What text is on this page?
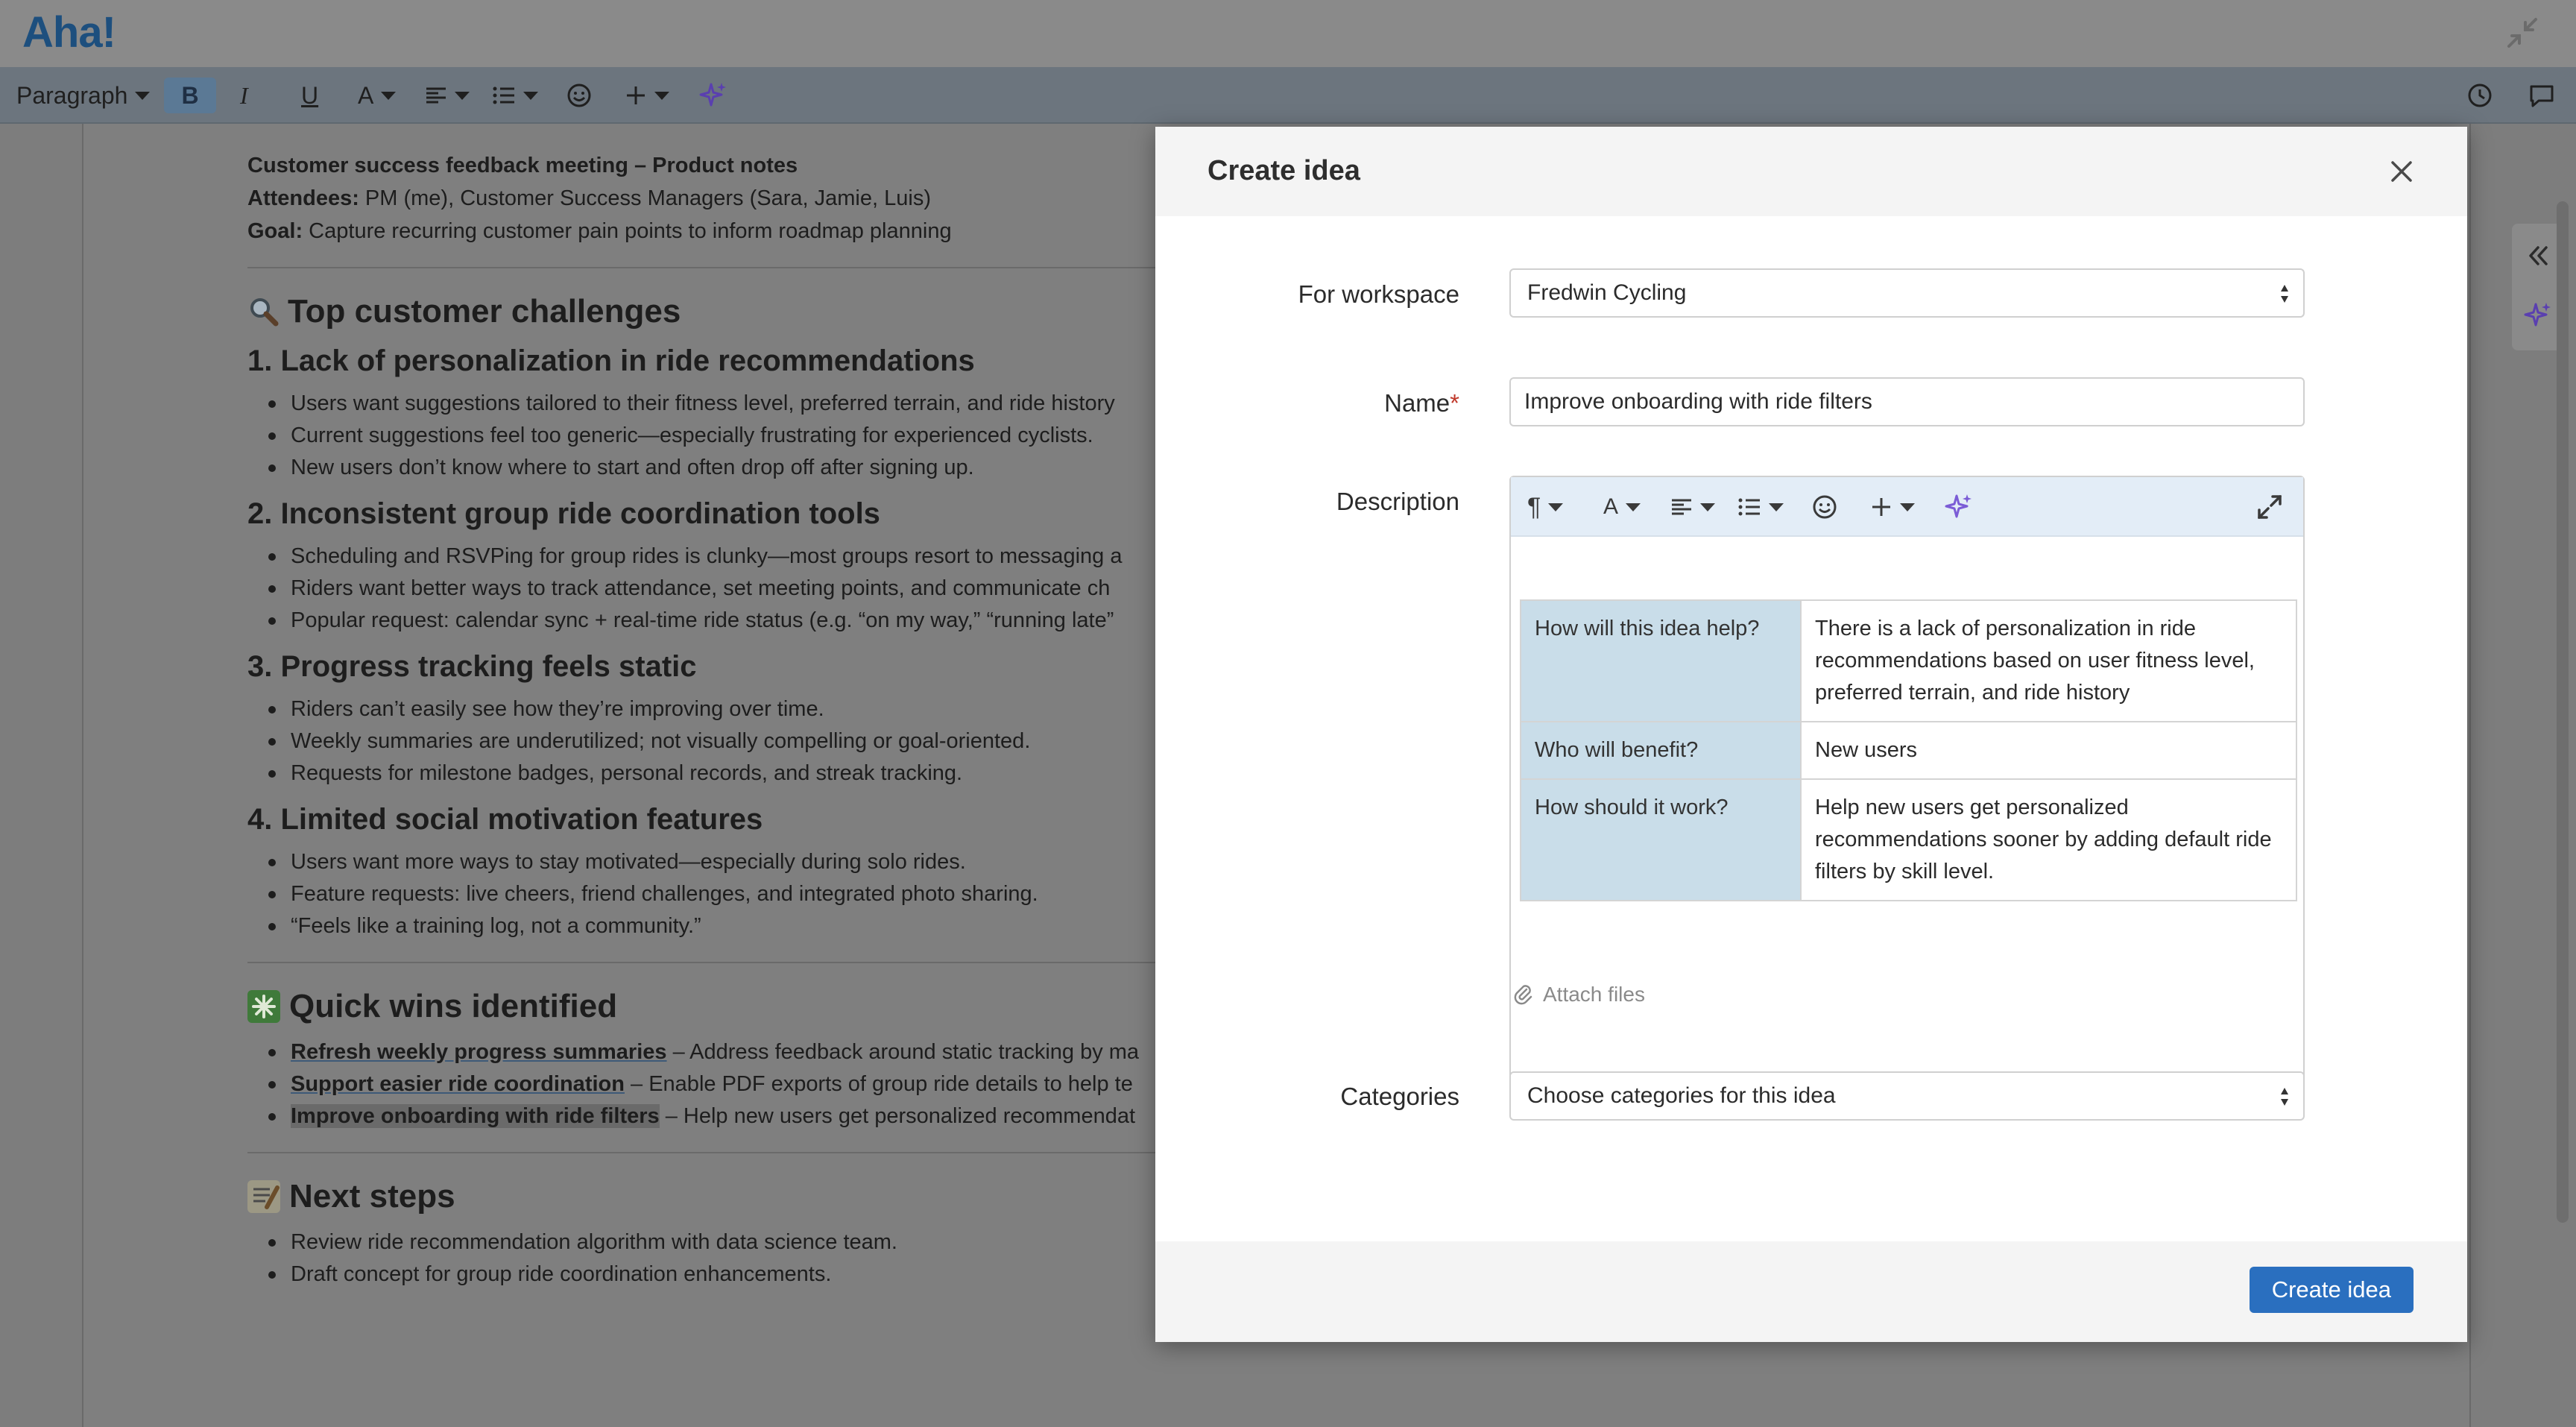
Aha!
Paragraph B I U A
Customer success feedback meeting – Product notes
Attendees: PM (me), Customer Success Managers (Sara, Jamie, Luis)
Goal: Capture recurring customer pain points to inform roadmap planning
Top customer challenges
1. Lack of personalization in ride recommendations
Users want suggestions tailored to their fitness level, preferred terrain, and ride history
Current suggestions feel too generic—especially frustrating for experienced cyclists.
New users don’t know where to start and often drop off after signing up.
2. Inconsistent group ride coordination tools
Scheduling and RSVPing for group rides is clunky—most groups resort to messaging a
Riders want better ways to track attendance, set meeting points, and communicate ch
Popular request: calendar sync + real-time ride status (e.g. “on my way,” “running late”
3. Progress tracking feels static
Riders can’t easily see how they’re improving over time.
Weekly summaries are underutilized; not visually compelling or goal-oriented.
Requests for milestone badges, personal records, and streak tracking.
4. Limited social motivation features
Users want more ways to stay motivated—especially during solo rides.
Feature requests: live cheers, friend challenges, and integrated photo sharing.
“Feels like a training log, not a community.”
Quick wins identified
Refresh weekly progress summaries – Address feedback around static tracking by ma
Support easier ride coordination – Enable PDF exports of group ride details to help te
Improve onboarding with ride filters – Help new users get personalized recommendat
Next steps
Review ride recommendation algorithm with data science team.
Draft concept for group ride coordination enhancements.
Create idea
For workspace	Fredwin Cycling
Name*	Improve onboarding with ride filters
Description	¶	A
How will this idea help?	There is a lack of personalization in ride recommendations based on user fitness level, preferred terrain, and ride history
Who will benefit?	New users
How should it work?	Help new users get personalized recommendations sooner by adding default ride filters by skill level.
Attach files
Categories	Choose categories for this idea
Create idea
